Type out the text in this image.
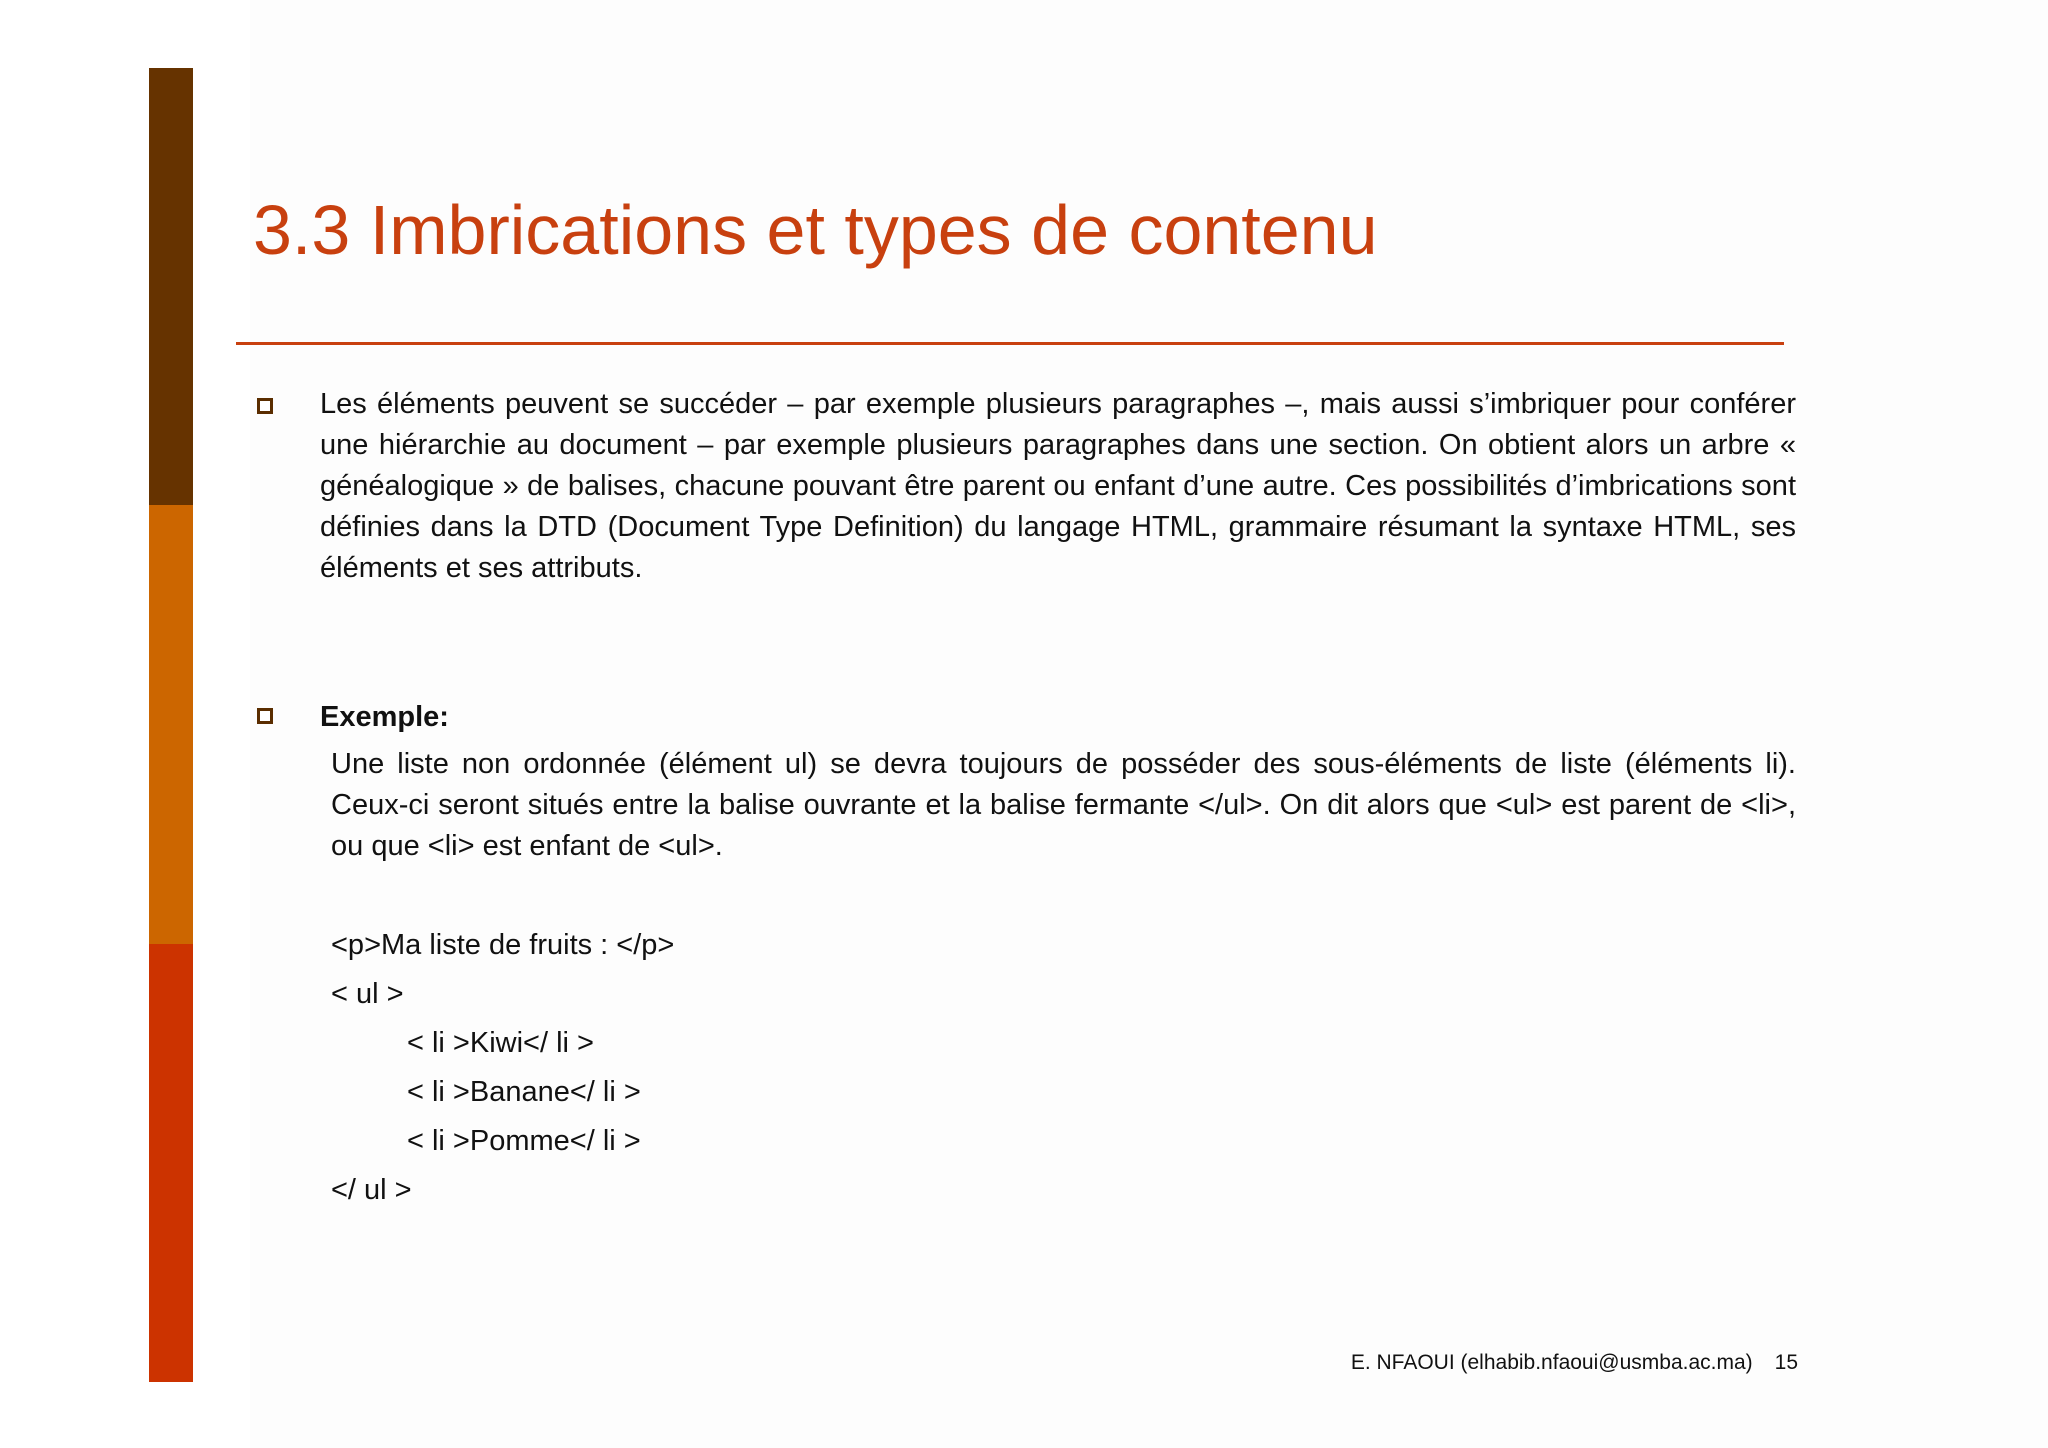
3.3 Imbrications et types de contenu

Les éléments peuvent se succéder – par exemple plusieurs paragraphes –, mais aussi s’imbriquer pour conférer une hiérarchie au document – par exemple plusieurs paragraphes dans une section. On obtient alors un arbre « généalogique » de balises, chacune pouvant être parent ou enfant d’une autre. Ces possibilités d’imbrications sont définies dans la DTD (Document Type Definition) du langage HTML, grammaire résumant la syntaxe HTML, ses éléments et ses attributs.

Exemple:

Une liste non ordonnée (élément ul) se devra toujours de posséder des sous-éléments de liste (éléments li). Ceux-ci seront situés entre la balise ouvrante et la balise fermante </ul>. On dit alors que <ul> est parent de <li>, ou que <li> est enfant de <ul>.

<p>Ma liste de fruits : </p>

< ul >

< li >Kiwi</ li >

< li >Banane</ li >

< li >Pomme</ li >

</ ul >

E. NFAOUI (elhabib.nfaoui@usmba.ac.ma) 15
